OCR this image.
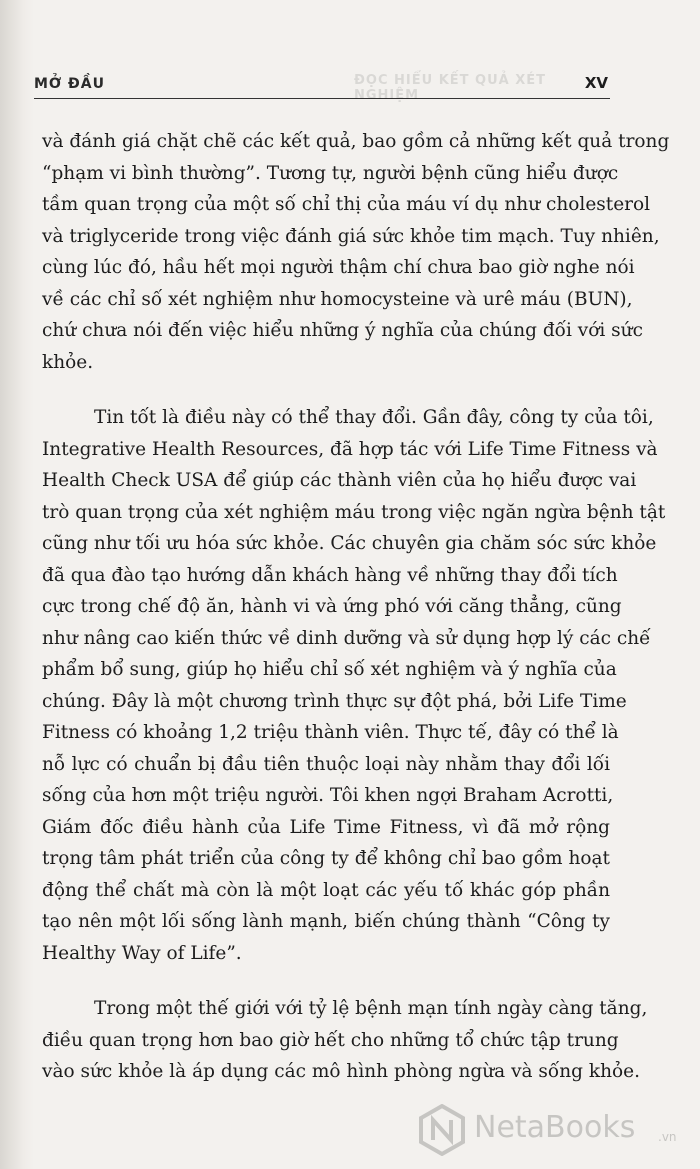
MỞ ĐẦU	ĐỌC HIỂU KẾT QUẢ XÉT NGHIỆM
XV
và đánh giá chặt chẽ các kết quả, bao gồm cả những kết quả trong
“phạm vi bình thường”. Tương tự, người bệnh cũng hiểu được
tầm quan trọng của một số chỉ thị của máu ví dụ như cholesterol
và triglyceride trong việc đánh giá sức khỏe tim mạch. Tuy nhiên,
cùng lúc đó, hầu hết mọi người thậm chí chưa bao giờ nghe nói
về các chỉ số xét nghiệm như homocysteine và urê máu (BUN),
chứ chưa nói đến việc hiểu những ý nghĩa của chúng đối với sức
khỏe.
Tin tốt là điều này có thể thay đổi. Gần đây, công ty của tôi,
Integrative Health Resources, đã hợp tác với Life Time Fitness và
Health Check USA để giúp các thành viên của họ hiểu được vai
trò quan trọng của xét nghiệm máu trong việc ngăn ngừa bệnh tật
cũng như tối ưu hóa sức khỏe. Các chuyên gia chăm sóc sức khỏe
đã qua đào tạo hướng dẫn khách hàng về những thay đổi tích
cực trong chế độ ăn, hành vi và ứng phó với căng thẳng, cũng
như nâng cao kiến thức về dinh dưỡng và sử dụng hợp lý các chế
phẩm bổ sung, giúp họ hiểu chỉ số xét nghiệm và ý nghĩa của
chúng. Đây là một chương trình thực sự đột phá, bởi Life Time
Fitness có khoảng 1,2 triệu thành viên. Thực tế, đây có thể là
nỗ lực có chuẩn bị đầu tiên thuộc loại này nhằm thay đổi lối
sống của hơn một triệu người. Tôi khen ngợi Braham Acrotti,
Giám đốc điều hành của Life Time Fitness, vì đã mở rộng
trọng tâm phát triển của công ty để không chỉ bao gồm hoạt
động thể chất mà còn là một loạt các yếu tố khác góp phần
tạo nên một lối sống lành mạnh, biến chúng thành “Công ty
Healthy Way of Life”.
Trong một thế giới với tỷ lệ bệnh mạn tính ngày càng tăng,
điều quan trọng hơn bao giờ hết cho những tổ chức tập trung
vào sức khỏe là áp dụng các mô hình phòng ngừa và sống khỏe.
NetaBooks .vn
